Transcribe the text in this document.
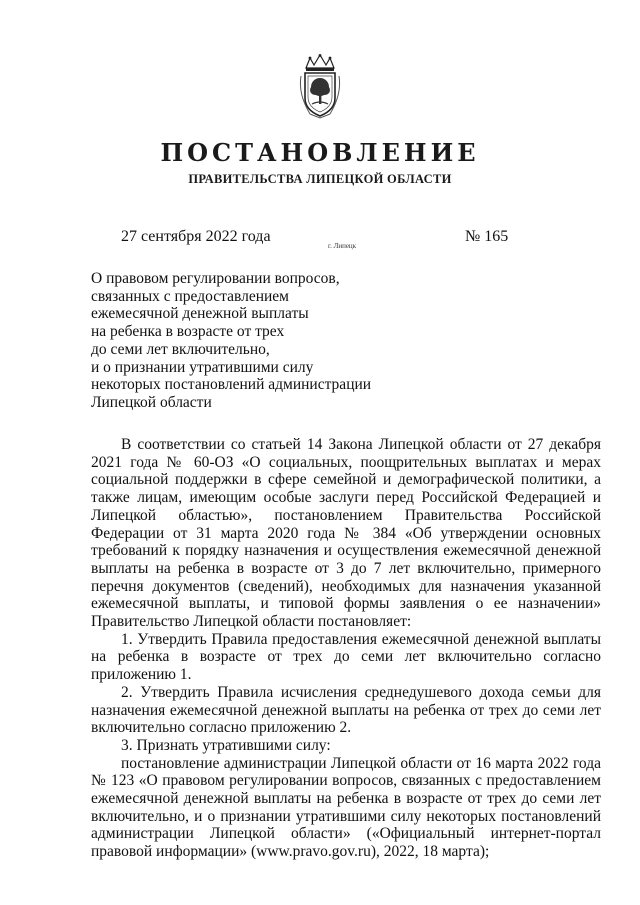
ПОСТАНОВЛЕНИЕ
ПРАВИТЕЛЬСТВА ЛИПЕЦКОЙ ОБЛАСТИ
27 сентября 2022 года
г. Липецк
№ 165
О правовом регулировании вопросов,
связанных с предоставлением
ежемесячной денежной выплаты
на ребенка в возрасте от трех
до семи лет включительно,
и о признании утратившими силу
некоторых постановлений администрации
Липецкой области

В соответствии со статьей 14 Закона Липецкой области от 27 декабря 2021 года № 60-ОЗ «О социальных, поощрительных выплатах и мерах социальной поддержки в сфере семейной и демографической политики, а также лицам, имеющим особые заслуги перед Российской Федерацией и Липецкой областью», постановлением Правительства Российской Федерации от 31 марта 2020 года № 384 «Об утверждении основных требований к порядку назначения и осуществления ежемесячной денежной выплаты на ребенка в возрасте от 3 до 7 лет включительно, примерного перечня документов (сведений), необходимых для назначения указанной ежемесячной выплаты, и типовой формы заявления о ее назначении» Правительство Липецкой области постановляет:

1. Утвердить Правила предоставления ежемесячной денежной выплаты на ребенка в возрасте от трех до семи лет включительно согласно приложению 1.

2. Утвердить Правила исчисления среднедушевого дохода семьи для назначения ежемесячной денежной выплаты на ребенка от трех до семи лет включительно согласно приложению 2.

3. Признать утратившими силу:

постановление администрации Липецкой области от 16 марта 2022 года № 123 «О правовом регулировании вопросов, связанных с предоставлением ежемесячной денежной выплаты на ребенка в возрасте от трех до семи лет включительно, и о признании утратившими силу некоторых постановлений администрации Липецкой области» («Официальный интернет-портал правовой информации» (www.pravo.gov.ru), 2022, 18 марта);
